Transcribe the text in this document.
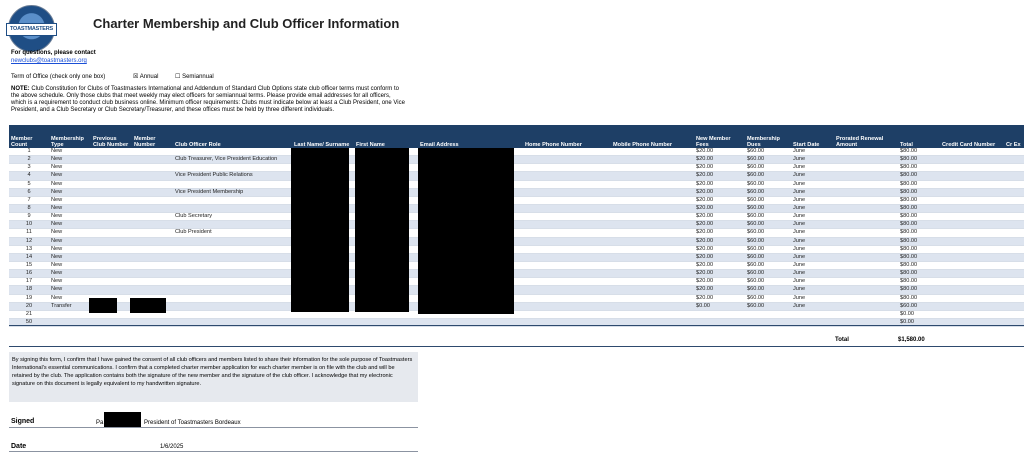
TOASTMASTERS	Charter Membership and Club Officer Information
For questions, please contact
newclubs@toastmasters.org
Term of Office (check only one box)	☒ Annual	☐ Semiannual
NOTE: Club Constitution for Clubs of Toastmasters International and Addendum of Standard Club Options state club officer terms must conform to the above schedule. Only those clubs that meet weekly may elect officers for semiannual terms. Please provide email addresses for all officers, which is a requirement to conduct club business online. Minimum officer requirements: Clubs must indicate below at least a Club President, one Vice President, and a Club Secretary or Club Secretary/Treasurer, and these offices must be held by three different individuals.
Member Count	Membership Type	Previous Club Number	Member Number	Club Officer Role	Last Name/ Surname	First Name	Email Address	Home Phone Number	Mobile Phone Number	New Member Fees	Membership Dues	Start Date	Prorated Renewal Amount	Total	Credit Card Number	Cr Ex
1	New									$20.00	$60.00	June		$80.00		
2	New			Club Treasurer, Vice President Education						$20.00	$60.00	June		$80.00		
3	New									$20.00	$60.00	June		$80.00		
4	New			Vice President Public Relations						$20.00	$60.00	June		$80.00		
5	New									$20.00	$60.00	June		$80.00		
6	New			Vice President Membership						$20.00	$60.00	June		$80.00		
7	New									$20.00	$60.00	June		$80.00		
8	New									$20.00	$60.00	June		$80.00		
9	New			Club Secretary						$20.00	$60.00	June		$80.00		
10	New									$20.00	$60.00	June		$80.00		
11	New			Club President						$20.00	$60.00	June		$80.00		
12	New									$20.00	$60.00	June		$80.00		
13	New									$20.00	$60.00	June		$80.00		
14	New									$20.00	$60.00	June		$80.00		
15	New									$20.00	$60.00	June		$80.00		
16	New									$20.00	$60.00	June		$80.00		
17	New									$20.00	$60.00	June		$80.00		
18	New									$20.00	$60.00	June		$80.00		
19	New									$20.00	$60.00	June		$80.00		
20	Transfer									$0.00	$60.00	June		$60.00		
21														$0.00		
50														$0.00		
Total	$1,580.00
By signing this form, I confirm that I have gained the consent of all club officers and members listed to share their information for the sole purpose of Toastmasters International's essential communications. I confirm that a completed charter member application for each charter member is on file with the club and will be retained by the club. The application contains both the signature of the new member and the signature of the club officer. I acknowledge that my electronic signature on this document is legally equivalent to my handwritten signature.
Signed	Pa	President of Toastmasters Bordeaux
Date	1/6/2025
